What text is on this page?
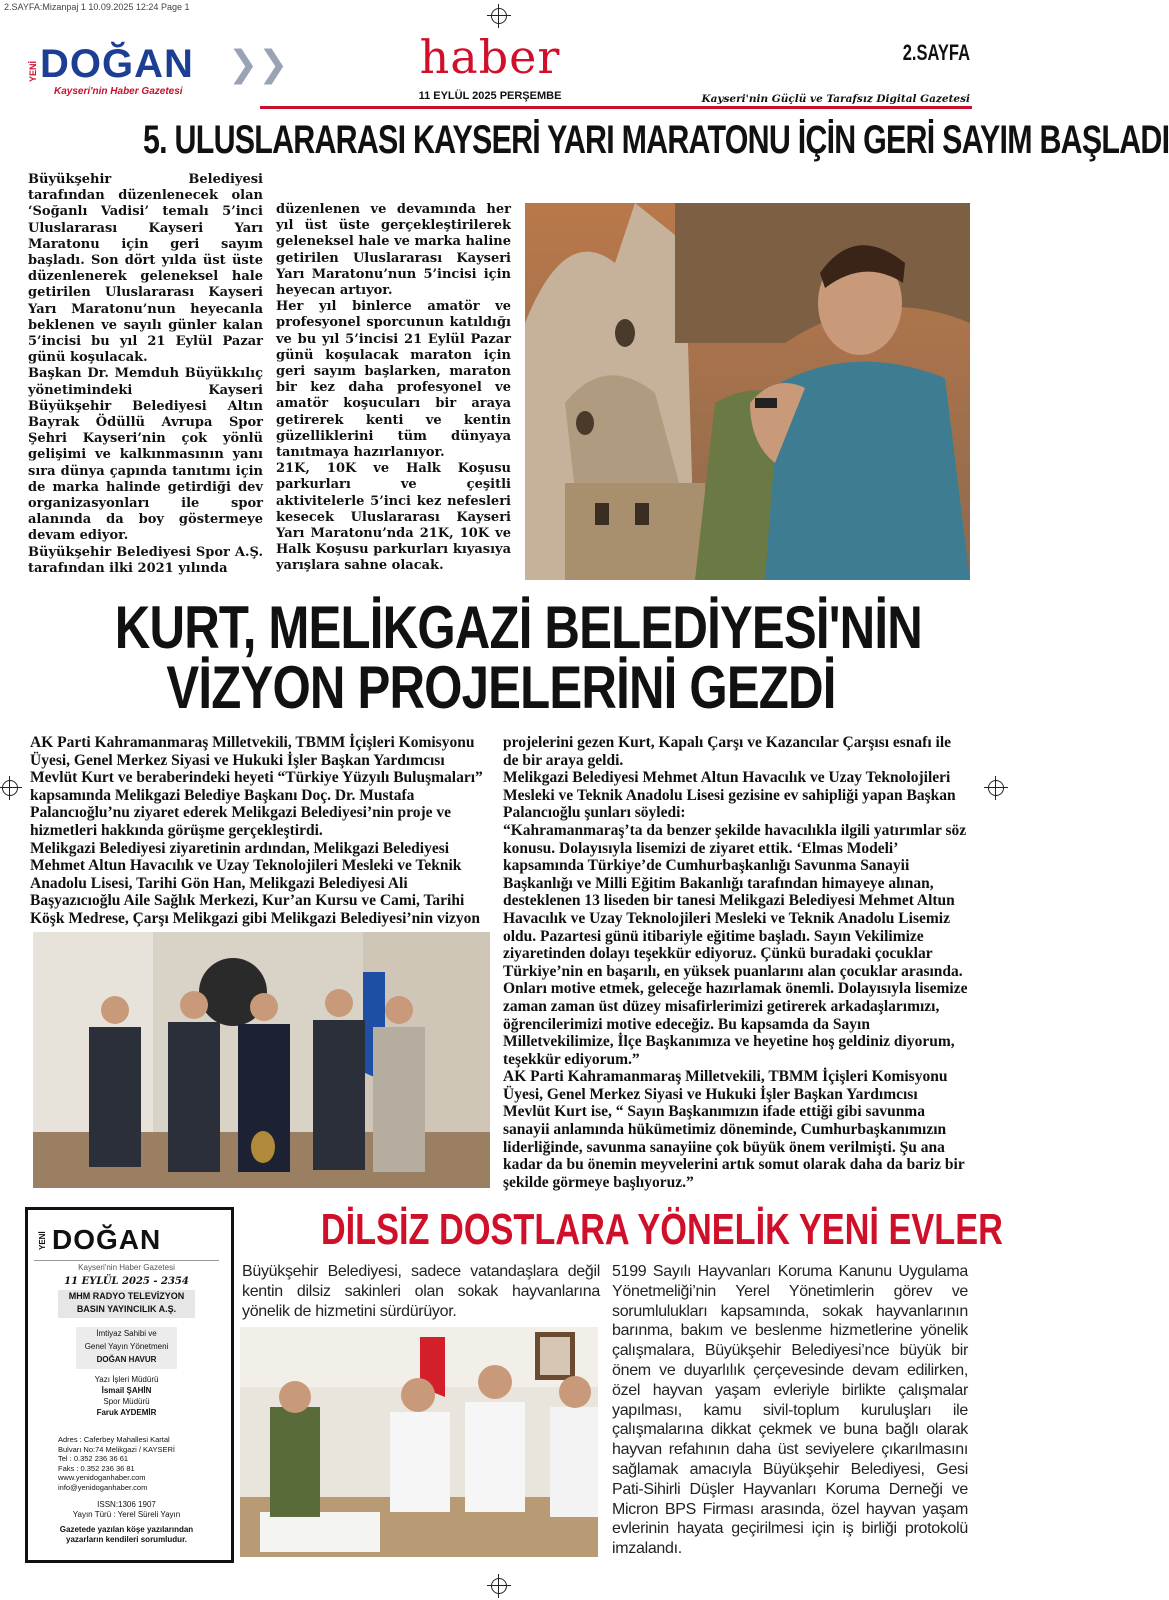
2.SAYFA:Mizanpaj 1 10.09.2025 12:24 Page 1
YENİ DOĞAN ❯❯
Kayseri'nin Haber Gazetesi
haber
11 EYLÜL 2025 PERŞEMBE
2.SAYFA
Kayseri'nin Güçlü ve Tarafsız Digital Gazetesi
5. ULUSLARARASI KAYSERİ YARI MARATONU İÇİN GERİ SAYIM BAŞLADI

Büyükşehir Belediyesi tarafından düzenlenecek olan ‘Soğanlı Vadisi’ temalı 5’inci Uluslararası Kayseri Yarı Maratonu için geri sayım başladı. Son dört yılda üst üste düzenlenerek geleneksel hale getirilen Uluslararası Kayseri Yarı Maratonu’nun heyecanla beklenen ve sayılı günler kalan 5’incisi bu yıl 21 Eylül Pazar günü koşulacak.

Başkan Dr. Memduh Büyükkılıç yönetimindeki Kayseri Büyükşehir Belediyesi Altın Bayrak Ödüllü Avrupa Spor Şehri Kayseri’nin çok yönlü gelişimi ve kalkınmasının yanı sıra dünya çapında tanıtımı için de marka halinde getirdiği dev organizasyonları ile spor alanında da boy göstermeye devam ediyor.

Büyükşehir Belediyesi Spor A.Ş. tarafından ilki 2021 yılında

düzenlenen ve devamında her yıl üst üste gerçekleştirilerek geleneksel hale ve marka haline getirilen Uluslararası Kayseri Yarı Maratonu’nun 5’incisi için heyecan artıyor.

Her yıl binlerce amatör ve profesyonel sporcunun katıldığı ve bu yıl 5’incisi 21 Eylül Pazar günü koşulacak maraton için geri sayım başlarken, maraton bir kez daha profesyonel ve amatör koşucuları bir araya getirerek kenti ve kentin güzelliklerini tüm dünyaya tanıtmaya hazırlanıyor.

21K, 10K ve Halk Koşusu parkurları ve çeşitli aktivitelerle 5’inci kez nefesleri kesecek Uluslararası Kayseri Yarı Maratonu’nda 21K, 10K ve Halk Koşusu parkurları kıyasıya yarışlara sahne olacak.

KURT, MELİKGAZİ BELEDİYESİ'NİN
VİZYON PROJELERİNİ GEZDİ

AK Parti Kahramanmaraş Milletvekili, TBMM İçişleri Komisyonu Üyesi, Genel Merkez Siyasi ve Hukuki İşler Başkan Yardımcısı Mevlüt Kurt ve beraberindeki heyeti “Türkiye Yüzyılı Buluşmaları” kapsamında Melikgazi Belediye Başkanı Doç. Dr. Mustafa Palancıoğlu’nu ziyaret ederek Melikgazi Belediyesi’nin proje ve hizmetleri hakkında görüşme gerçekleştirdi.

Melikgazi Belediyesi ziyaretinin ardından, Melikgazi Belediyesi Mehmet Altun Havacılık ve Uzay Teknolojileri Mesleki ve Teknik Anadolu Lisesi, Tarihi Gön Han, Melikgazi Belediyesi Ali Başyazıcıoğlu Aile Sağlık Merkezi, Kur’an Kursu ve Cami, Tarihi Köşk Medrese, Çarşı Melikgazi gibi Melikgazi Belediyesi’nin vizyon

projelerini gezen Kurt, Kapalı Çarşı ve Kazancılar Çarşısı esnafı ile de bir araya geldi.

Melikgazi Belediyesi Mehmet Altun Havacılık ve Uzay Teknolojileri Mesleki ve Teknik Anadolu Lisesi gezisine ev sahipliği yapan Başkan Palancıoğlu şunları söyledi:

“Kahramanmaraş’ta da benzer şekilde havacılıkla ilgili yatırımlar söz konusu. Dolayısıyla lisemizi de ziyaret ettik. ‘Elmas Modeli’ kapsamında Türkiye’de Cumhurbaşkanlığı Savunma Sanayii Başkanlığı ve Milli Eğitim Bakanlığı tarafından himayeye alınan, desteklenen 13 liseden bir tanesi Melikgazi Belediyesi Mehmet Altun Havacılık ve Uzay Teknolojileri Mesleki ve Teknik Anadolu Lisemiz oldu. Pazartesi günü itibariyle eğitime başladı. Sayın Vekilimize ziyaretinden dolayı teşekkür ediyoruz. Çünkü buradaki çocuklar Türkiye’nin en başarılı, en yüksek puanlarını alan çocuklar arasında. Onları motive etmek, geleceğe hazırlamak önemli. Dolayısıyla lisemize zaman zaman üst düzey misafirlerimizi getirerek arkadaşlarımızı, öğrencilerimizi motive edeceğiz. Bu kapsamda da Sayın Milletvekilimize, İlçe Başkanımıza ve heyetine hoş geldiniz diyorum, teşekkür ediyorum.”

AK Parti Kahramanmaraş Milletvekili, TBMM İçişleri Komisyonu Üyesi, Genel Merkez Siyasi ve Hukuki İşler Başkan Yardımcısı Mevlüt Kurt ise, “ Sayın Başkanımızın ifade ettiği gibi savunma sanayii anlamında hükümetimiz döneminde, Cumhurbaşkanımızın liderliğinde, savunma sanayiine çok büyük önem verilmişti. Şu ana kadar da bu önemin meyvelerini artık somut olarak daha da bariz bir şekilde görmeye başlıyoruz.”

YENİ DOĞAN
Kayseri'nin Haber Gazetesi
11 EYLÜL 2025 - 2354
MHM RADYO TELEVİZYON
BASIN YAYINCILIK A.Ş.
İmtiyaz Sahibi ve
Genel Yayın Yönetmeni
DOĞAN HAVUR
Yazı İşleri Müdürü
İsmail ŞAHİN
Spor Müdürü
Faruk AYDEMİR
Adres : Caferbey Mahallesi Kartal
Bulvarı No:74 Melikgazi / KAYSERİ
Tel : 0.352 236 36 61
Faks : 0.352 236 36 81
www.yenidoganhaber.com
info@yenidoganhaber.com
ISSN:1306 1907
Yayın Türü : Yerel Süreli Yayın
Gazetede yazılan köşe yazılarından
yazarların kendileri sorumludur.
DİLSİZ DOSTLARA YÖNELİK YENİ EVLER

Büyükşehir Belediyesi, sadece vatandaşlara değil kentin dilsiz sakinleri olan sokak hayvanlarına yönelik de hizmetini sürdürüyor.

5199 Sayılı Hayvanları Koruma Kanunu Uygulama Yönetmeliği’nin Yerel Yönetimlerin görev ve sorumlulukları kapsamında, sokak hayvanlarının barınma, bakım ve beslenme hizmetlerine yönelik çalışmalara, Büyükşehir Belediyesi’nce büyük bir önem ve duyarlılık çerçevesinde devam edilirken, özel hayvan yaşam evleriyle birlikte çalışmalar yapılması, kamu sivil-toplum kuruluşları ile çalışmalarına dikkat çekmek ve buna bağlı olarak hayvan refahının daha üst seviyelere çıkarılmasını sağlamak amacıyla Büyükşehir Belediyesi, Gesi Pati-Sihirli Düşler Hayvanları Koruma Derneği ve Micron BPS Firması arasında, özel hayvan yaşam evlerinin hayata geçirilmesi için iş birliği protokolü imzalandı.
